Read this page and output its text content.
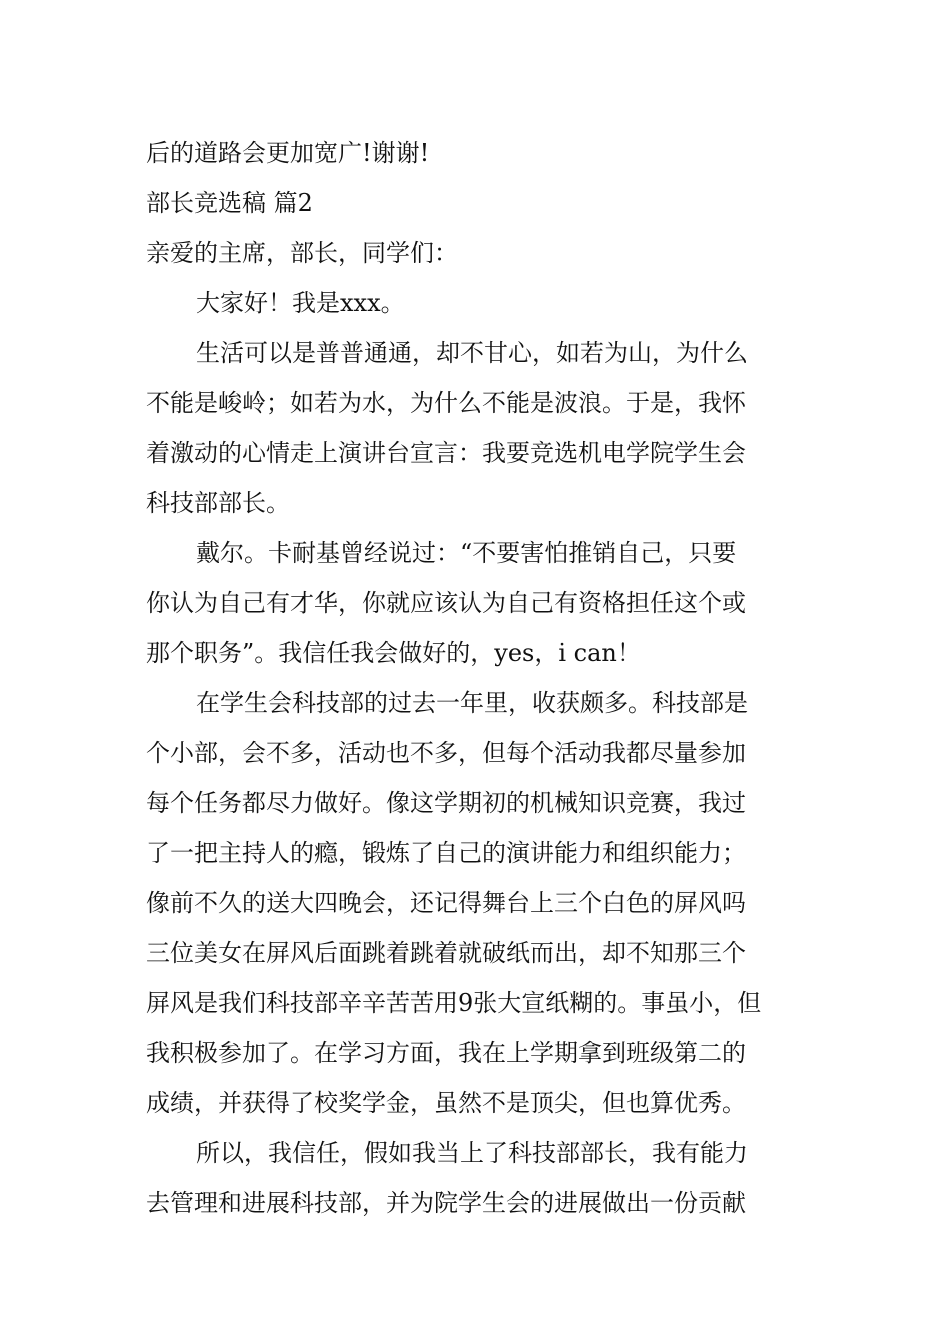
后的道路会更加宽广!谢谢!
部长竞选稿 篇2
亲爱的主席，部长，同学们：
大家好！我是xxx。
生活可以是普普通通，却不甘心，如若为山，为什么
不能是峻岭；如若为水，为什么不能是波浪。于是，我怀
着激动的心情走上演讲台宣言：我要竞选机电学院学生会
科技部部长。
戴尔。卡耐基曾经说过：“不要害怕推销自己，只要
你认为自己有才华，你就应该认为自己有资格担任这个或
那个职务”。我信任我会做好的，yes，i can！
在学生会科技部的过去一年里，收获颇多。科技部是
个小部，会不多，活动也不多，但每个活动我都尽量参加
每个任务都尽力做好。像这学期初的机械知识竞赛，我过
了一把主持人的瘾，锻炼了自己的演讲能力和组织能力；
像前不久的送大四晚会，还记得舞台上三个白色的屏风吗
三位美女在屏风后面跳着跳着就破纸而出，却不知那三个
屏风是我们科技部辛辛苦苦用9张大宣纸糊的。事虽小，但
我积极参加了。在学习方面，我在上学期拿到班级第二的
成绩，并获得了校奖学金，虽然不是顶尖，但也算优秀。
所以，我信任，假如我当上了科技部部长，我有能力
去管理和进展科技部，并为院学生会的进展做出一份贡献
